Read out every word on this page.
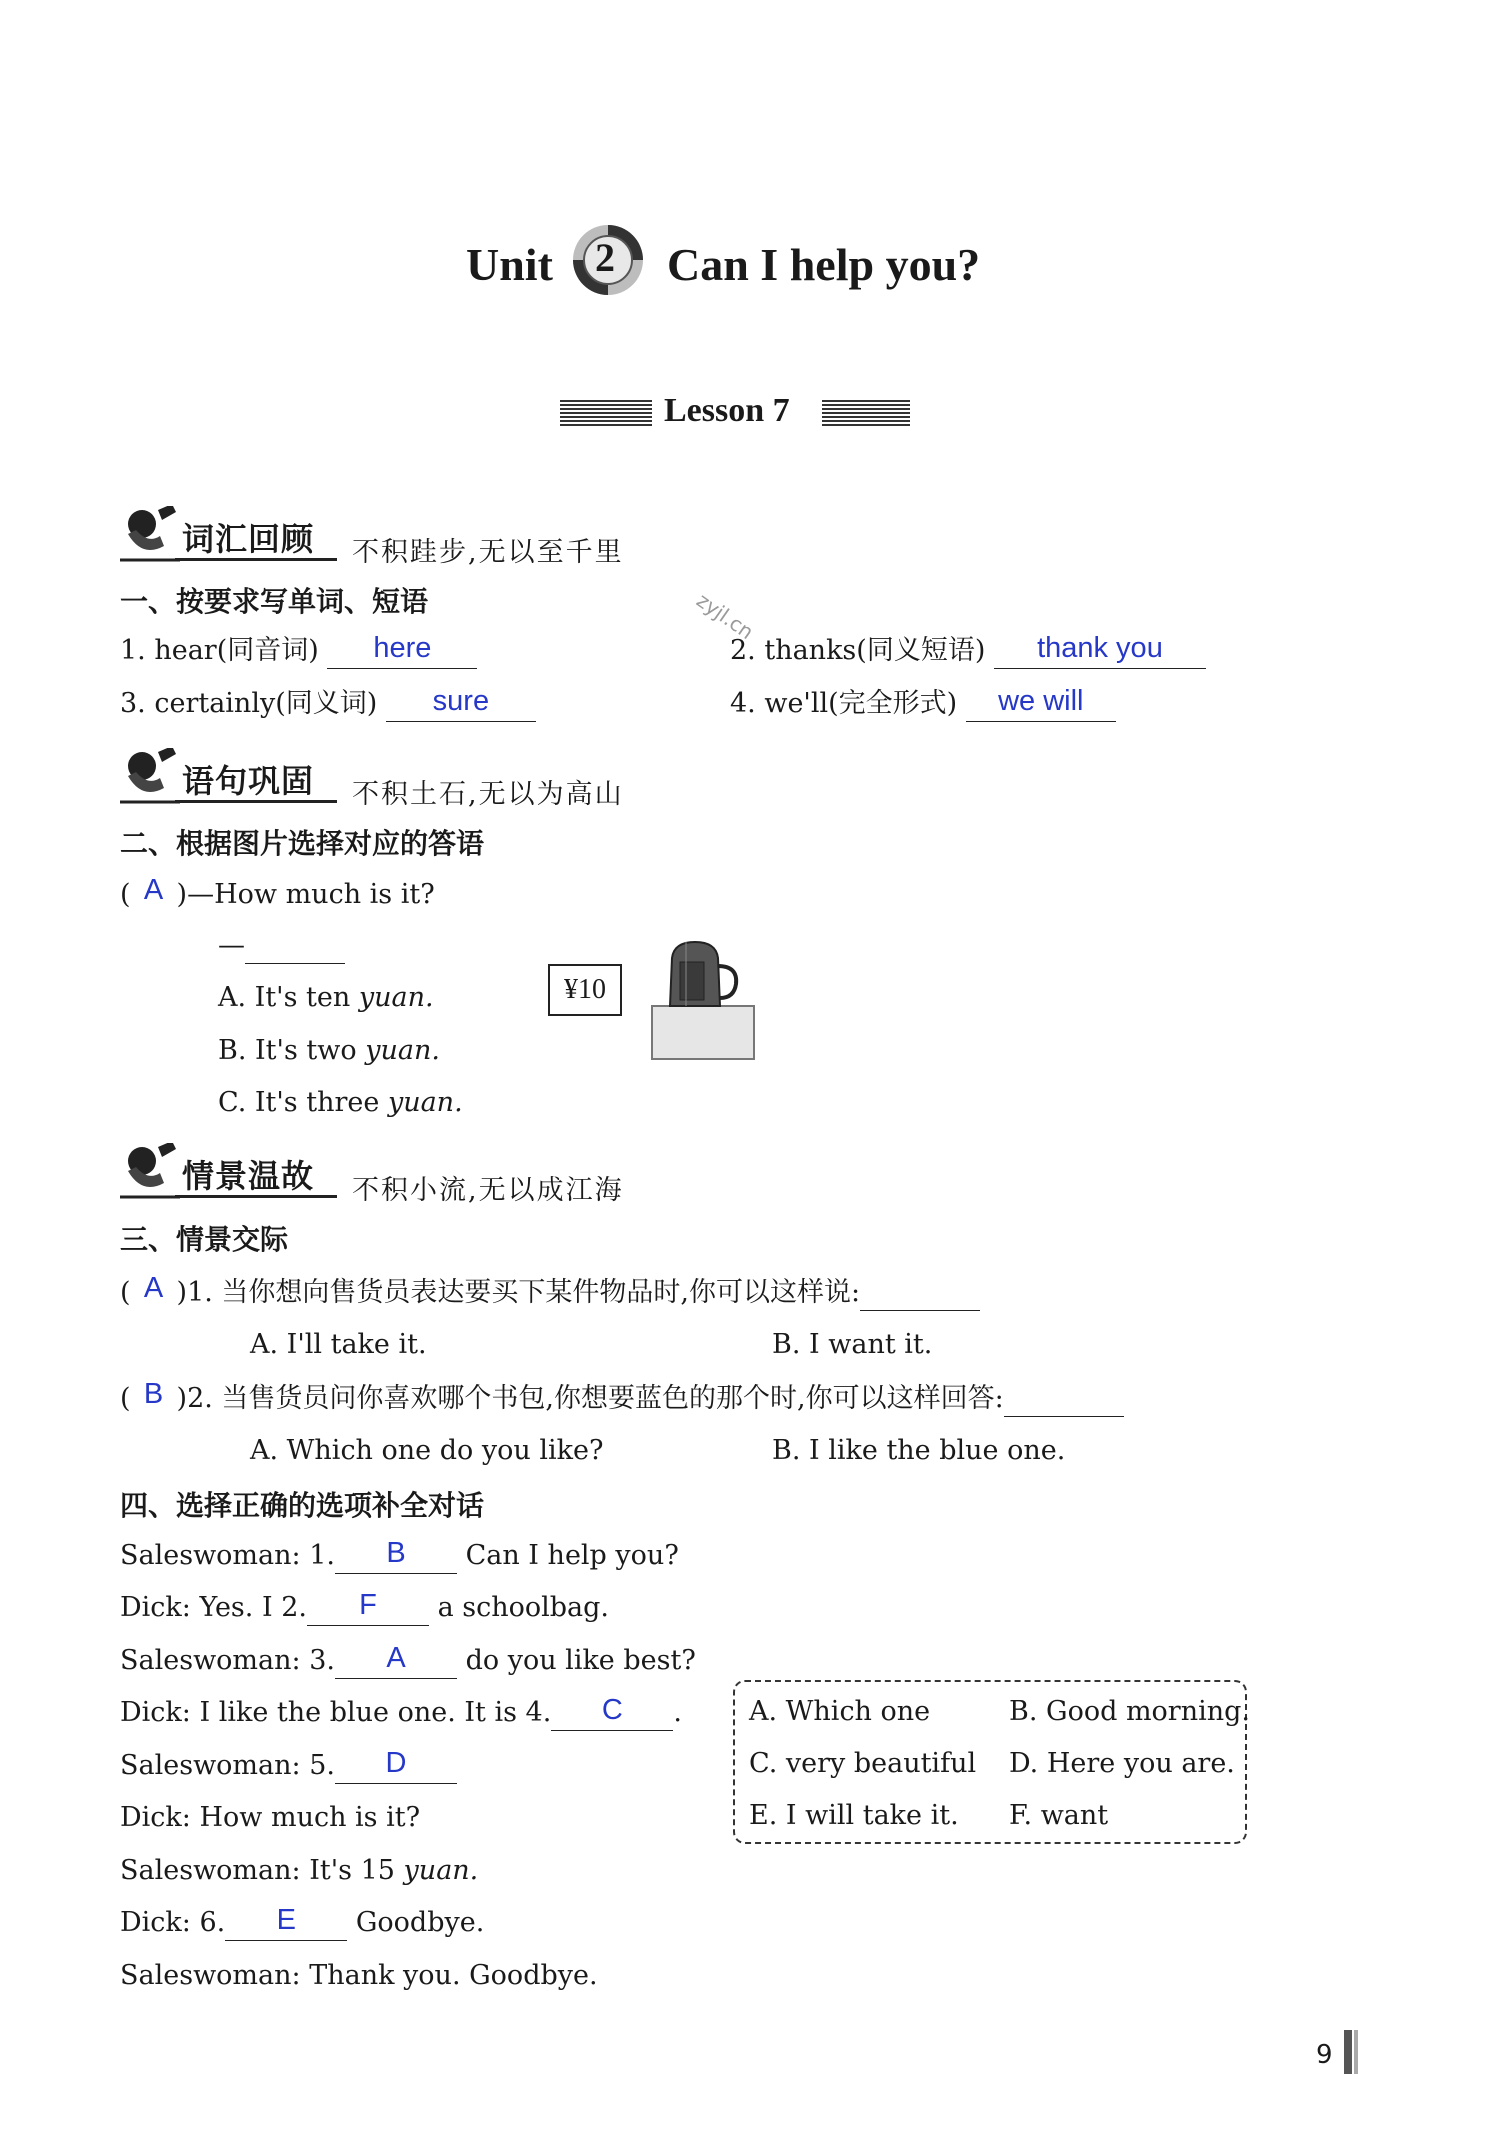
Unit 2 Can I help you?
Lesson 7
zyjl.cn
词汇回顾 不积跬步,无以至千里
一、按要求写单词、短语
1. hear(同音词) here	2. thanks(同义短语) thank you
3. certainly(同义词) sure	4. we'll(完全形式) we will
语句巩固 不积土石,无以为高山
二、根据图片选择对应的答语
( A )—How much is it?
—
A. It's ten yuan.
B. It's two yuan.
C. It's three yuan.
¥10
情景温故 不积小流,无以成江海
三、情景交际
( A )1. 当你想向售货员表达要买下某件物品时,你可以这样说:
A. I'll take it.	B. I want it.
( B )2. 当售货员问你喜欢哪个书包,你想要蓝色的那个时,你可以这样回答:
A. Which one do you like?	B. I like the blue one.
四、选择正确的选项补全对话
Saleswoman: 1. B Can I help you?
Dick: Yes. I 2. F a schoolbag.
Saleswoman: 3. A do you like best?
Dick: I like the blue one. It is 4. C .
Saleswoman: 5. D
Dick: How much is it?
Saleswoman: It's 15 yuan.
Dick: 6. E Goodbye.
Saleswoman: Thank you. Goodbye.
A. Which one	B. Good morning.
C. very beautiful D. Here you are.
E. I will take it. F. want
9
